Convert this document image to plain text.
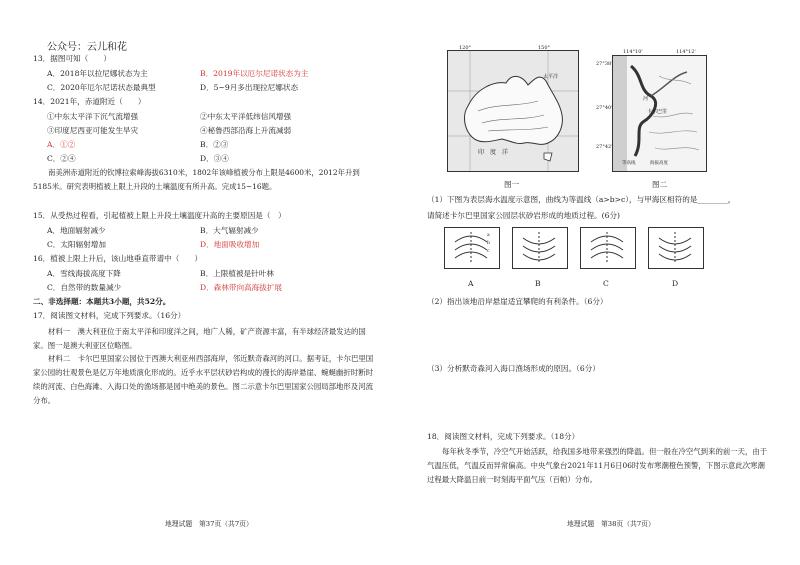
公众号：云儿和花
13．据图可知（　　）
A．2018年以拉尼娜状态为主	B．2019年以厄尔尼诺状态为主
C．2020年厄尔尼诺状态最典型	D．5~9月多出现拉尼娜状态
14．2021年，赤道附近（　　）
①中东太平洋下沉气流增强	②中东太平洋低纬信风增强
③印度尼西亚可能发生旱灾	④秘鲁西部沿海上升流减弱
A．①②	B．②③
C．②④	D．③④
南美洲赤道附近的钦博拉索峰海拔6310米，1802年该峰植被分布上限是4600米，2012年升到5185米。研究表明植被上限上升段的土壤温度有所升高。完成15~16题。
15．从受热过程看，引起植被上限上升段土壤温度升高的主要原因是（　）
A．地面辐射减少	B．大气辐射减少
C．太阳辐射增加	D．地面吸收增加
16．植被上限上升后，该山地垂直带谱中（　　）
A．雪线海拔高度下降	B．上限植被是针叶林
C．自然带的数量减少	D．森林带向高海拔扩展
二、非选择题：本题共3小题，共52分。
17．阅读图文材料，完成下列要求。（16分）
材料一　澳大利亚位于南太平洋和印度洋之间，地广人稀，矿产资源丰富，有半球经济最发达的国家。图一是澳大利亚区位略图。
材料二　卡尔巴里国家公园位于西澳大利亚州西部海岸，邻近默奇森河的河口。据考证，卡尔巴里国家公园的壮观景色是亿万年地质演化形成的。近乎水平层状砂岩构成的漫长的海岸悬崖、蜿蜒幽折时断时续的河流、白色海滩、入海口处的渔场都是园中绝美的景色。图二示意卡尔巴里国家公园局部地形及河流分布。
地理试题　第37页（共7页）
120°	150°
印　度　洋
太平洋
图一
114°10'	114°12'
27°38'
27°40'
27°42'
河
卡尔巴里
等高线	海拔高度
图二
（1）下图为表层海水温度示意图，曲线为等温线（a>b>c），与甲海区相符的是________，
请简述卡尔巴里国家公园层状砂岩形成的地质过程。(6分)
a
b
c
A	B	C	D
（2）指出该地沿岸悬崖适宜攀爬的有利条件。（6分）
（3）分析默奇森河入海口渔场形成的原因。（6分）
18．阅读图文材料，完成下列要求。（18分）
每年秋冬季节，冷空气开始活跃，给我国多地带来强烈的降温。但一般在冷空气到来的前一天，由于气温压低，气温反而异常偏高。中央气象台2021年11月6日06时发布寒潮橙色预警，下图示意此次寒潮过程最大降温日前一时刻海平面气压（百帕）分布。
地理试题　第38页（共7页）
